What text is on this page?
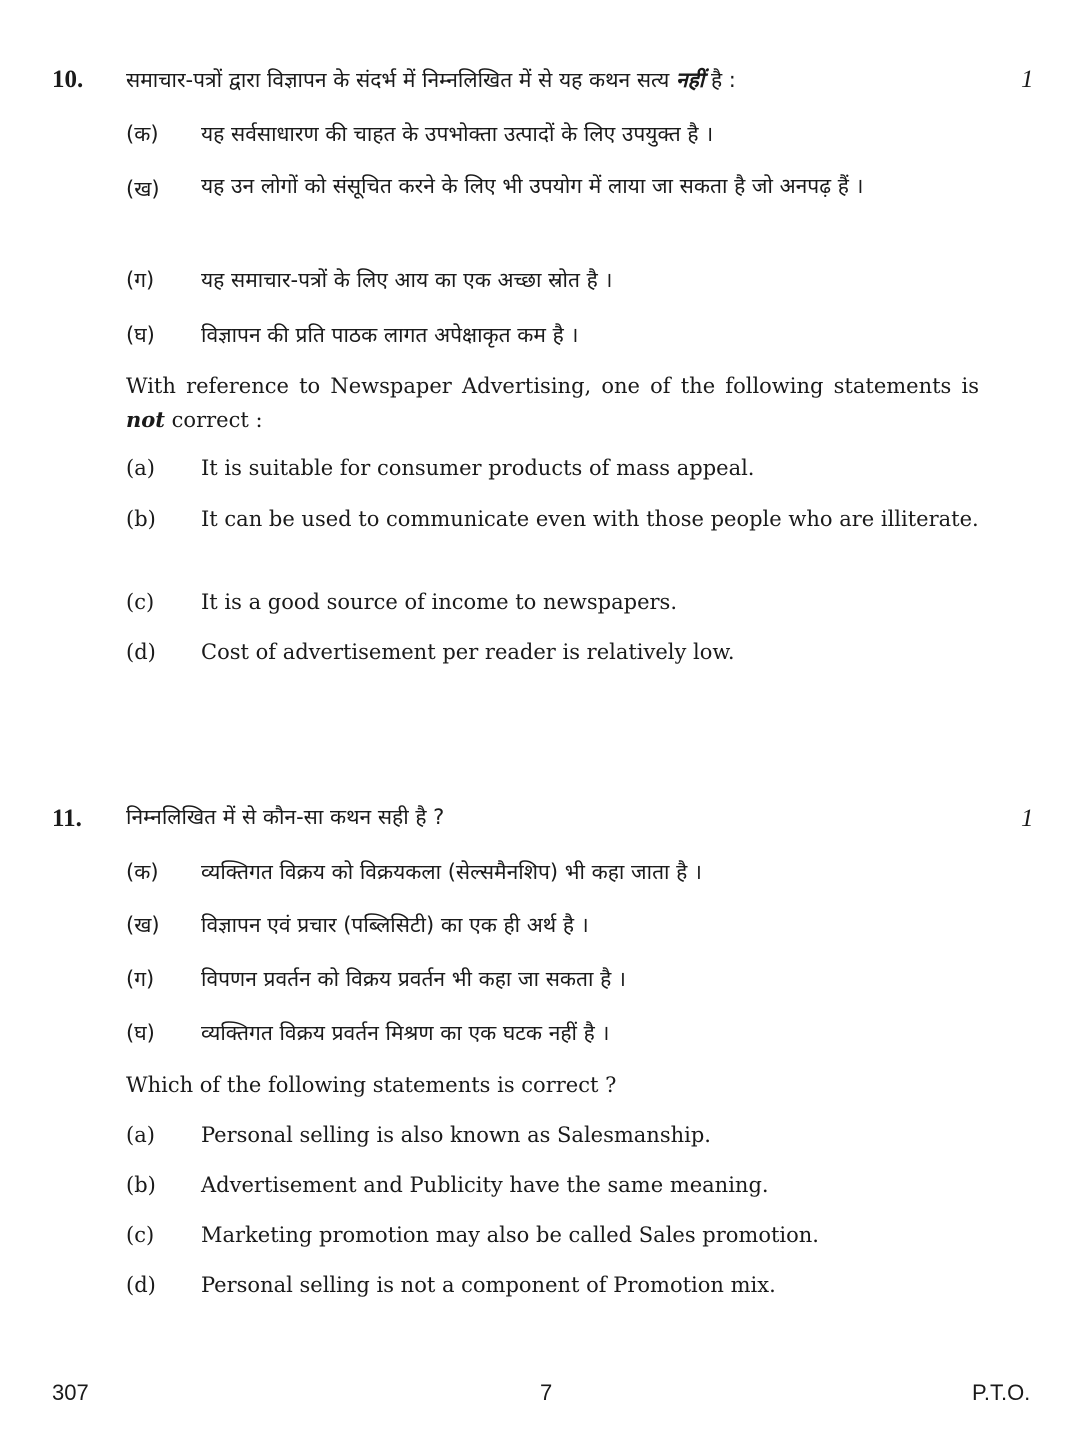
10. समाचार-पत्रों द्वारा विज्ञापन के संदर्भ में निम्नलिखित में से यह कथन सत्य नहीं है :	1
(क) यह सर्वसाधारण की चाहत के उपभोक्ता उत्पादों के लिए उपयुक्त है ।
(ख) यह उन लोगों को संसूचित करने के लिए भी उपयोग में लाया जा सकता है जो अनपढ़ हैं ।
(ग) यह समाचार-पत्रों के लिए आय का एक अच्छा स्रोत है ।
(घ) विज्ञापन की प्रति पाठक लागत अपेक्षाकृत कम है ।
With reference to Newspaper Advertising, one of the following statements is not correct :
(a) It is suitable for consumer products of mass appeal.
(b) It can be used to communicate even with those people who are illiterate.
(c) It is a good source of income to newspapers.
(d) Cost of advertisement per reader is relatively low.
11. निम्नलिखित में से कौन-सा कथन सही है ?	1
(क) व्यक्तिगत विक्रय को विक्रयकला (सेल्समैनशिप) भी कहा जाता है ।
(ख) विज्ञापन एवं प्रचार (पब्लिसिटी) का एक ही अर्थ है ।
(ग) विपणन प्रवर्तन को विक्रय प्रवर्तन भी कहा जा सकता है ।
(घ) व्यक्तिगत विक्रय प्रवर्तन मिश्रण का एक घटक नहीं है ।
Which of the following statements is correct ?
(a) Personal selling is also known as Salesmanship.
(b) Advertisement and Publicity have the same meaning.
(c) Marketing promotion may also be called Sales promotion.
(d) Personal selling is not a component of Promotion mix.
307	7	P.T.O.
